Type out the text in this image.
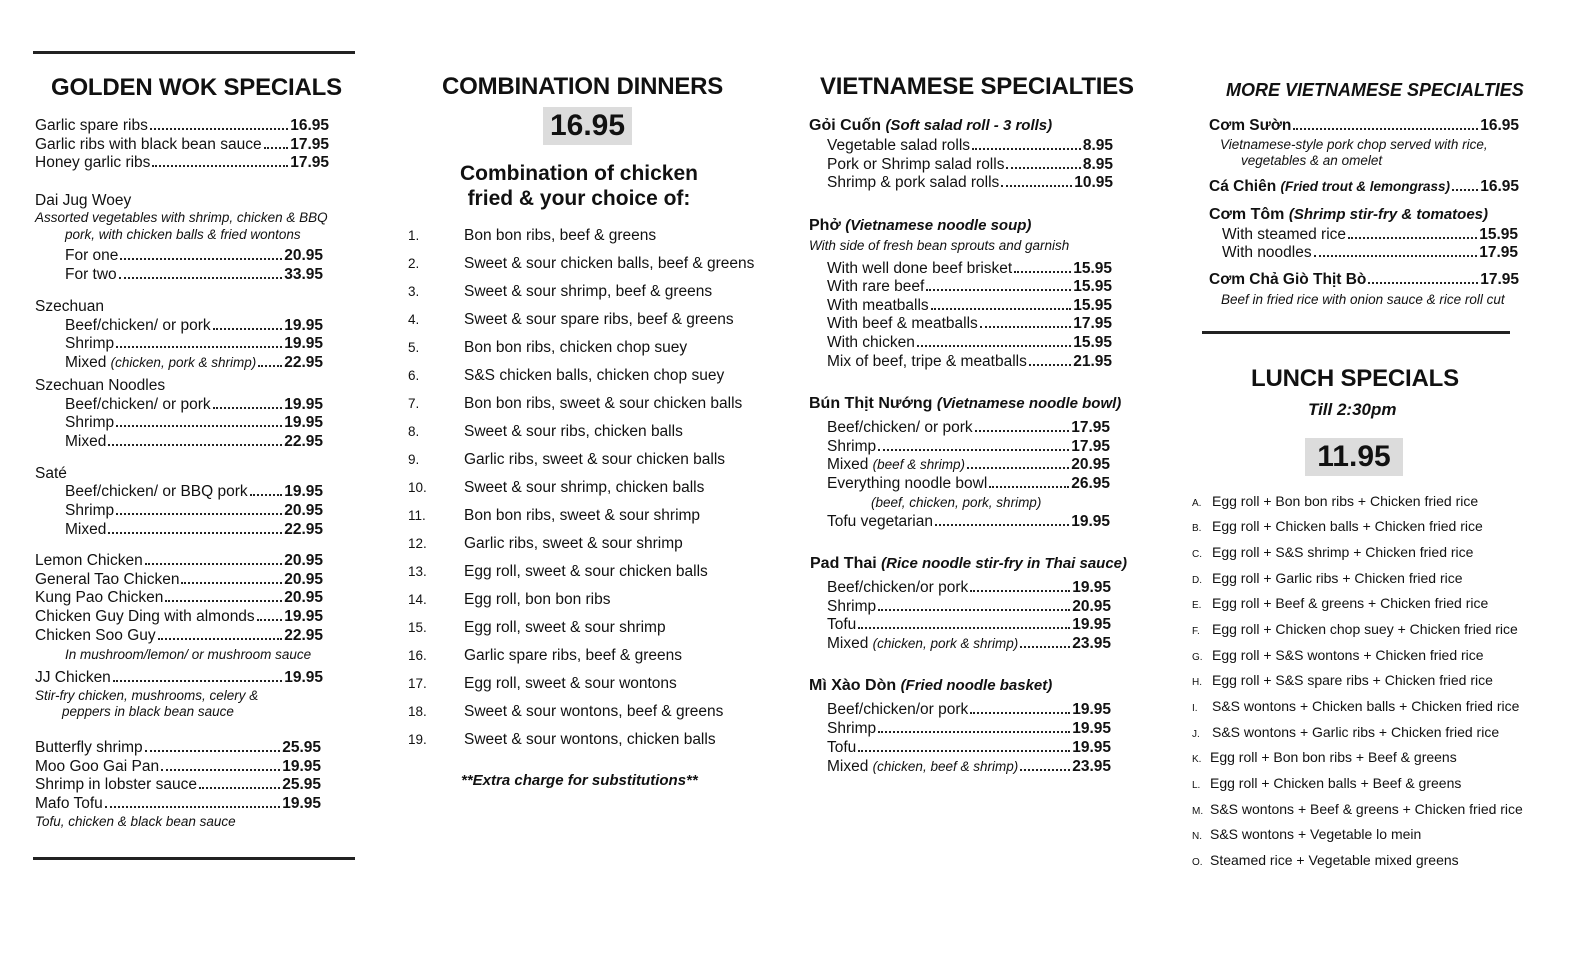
GOLDEN WOK SPECIALS
Garlic spare ribs	16.95
Garlic ribs with black bean sauce 17.95
Honey garlic ribs	17.95
Dai Jug Woey
Assorted vegetables with shrimp, chicken & BBQ
pork, with chicken balls & fried wontons
For one	20.95
For two	33.95
Szechuan
Beef/chicken/ or pork	19.95
Shrimp	19.95
Mixed (chicken, pork & shrimp) 22.95
Szechuan Noodles
Beef/chicken/ or pork	19.95
Shrimp	19.95
Mixed	22.95
Saté
Beef/chicken/ or BBQ pork 19.95
Shrimp	20.95
Mixed	22.95
Lemon Chicken	20.95
General Tao Chicken	20.95
Kung Pao Chicken	20.95
Chicken Guy Ding with almonds 19.95
Chicken Soo Guy	22.95
In mushroom/lemon/ or mushroom sauce
JJ Chicken	19.95
Stir-fry chicken, mushrooms, celery &
peppers in black bean sauce
Butterfly shrimp	25.95
Moo Goo Gai Pan	19.95
Shrimp in lobster sauce	25.95
Mafo Tofu	19.95
Tofu, chicken & black bean sauce
COMBINATION DINNERS
16.95
Combination of chicken
fried & your choice of:
1.	Bon bon ribs, beef & greens
2.	Sweet & sour chicken balls, beef & greens
3.	Sweet & sour shrimp, beef & greens
4.	Sweet & sour spare ribs, beef & greens
5.	Bon bon ribs, chicken chop suey
6.	S&S chicken balls, chicken chop suey
7.	Bon bon ribs, sweet & sour chicken balls
8.	Sweet & sour ribs, chicken balls
9.	Garlic ribs, sweet & sour chicken balls
10. Sweet & sour shrimp, chicken balls
11. Bon bon ribs, sweet & sour shrimp
12. Garlic ribs, sweet & sour shrimp
13. Egg roll, sweet & sour chicken balls
14. Egg roll, bon bon ribs
15. Egg roll, sweet & sour shrimp
16. Garlic spare ribs, beef & greens
17. Egg roll, sweet & sour wontons
18. Sweet & sour wontons, beef & greens
19. Sweet & sour wontons, chicken balls
**Extra charge for substitutions**
VIETNAMESE SPECIALTIES
Gỏi Cuốn (Soft salad roll - 3 rolls)
Vegetable salad rolls	8.95
Pork or Shrimp salad rolls	8.95
Shrimp & pork salad rolls	10.95
Phở (Vietnamese noodle soup)
With side of fresh bean sprouts and garnish
With well done beef brisket	15.95
With rare beef	15.95
With meatballs	15.95
With beef & meatballs	17.95
With chicken	15.95
Mix of beef, tripe & meatballs	21.95
Bún Thịt Nướng (Vietnamese noodle bowl)
Beef/chicken/ or pork	17.95
Shrimp	17.95
Mixed (beef & shrimp)	20.95
Everything noodle bowl	26.95
(beef, chicken, pork, shrimp)
Tofu vegetarian	19.95
Pad Thai (Rice noodle stir-fry in Thai sauce)
Beef/chicken/or pork	19.95
Shrimp	20.95
Tofu	19.95
Mixed (chicken, pork & shrimp)	23.95
Mì Xào Dòn (Fried noodle basket)
Beef/chicken/or pork	19.95
Shrimp	19.95
Tofu	19.95
Mixed (chicken, beef & shrimp)	23.95
MORE VIETNAMESE SPECIALTIES
Cơm Sườn	16.95
Vietnamese-style pork chop served with rice,
vegetables & an omelet
Cá Chiên (Fried trout & lemongrass) 16.95
Cơm Tôm (Shrimp stir-fry & tomatoes)
With steamed rice	15.95
With noodles	17.95
Cơm Chả Giò Thịt Bò	17.95
Beef in fried rice with onion sauce & rice roll cut
LUNCH SPECIALS
Till 2:30pm
11.95
A. Egg roll + Bon bon ribs + Chicken fried rice
B. Egg roll + Chicken balls + Chicken fried rice
C. Egg roll + S&S shrimp + Chicken fried rice
D. Egg roll + Garlic ribs + Chicken fried rice
E. Egg roll + Beef & greens + Chicken fried rice
F. Egg roll + Chicken chop suey + Chicken fried rice
G. Egg roll + S&S wontons + Chicken fried rice
H. Egg roll + S&S spare ribs + Chicken fried rice
I. S&S wontons + Chicken balls + Chicken fried rice
J. S&S wontons + Garlic ribs + Chicken fried rice
K. Egg roll + Bon bon ribs + Beef & greens
L. Egg roll + Chicken balls + Beef & greens
M. S&S wontons + Beef & greens + Chicken fried rice
N. S&S wontons + Vegetable lo mein
O. Steamed rice + Vegetable mixed greens
